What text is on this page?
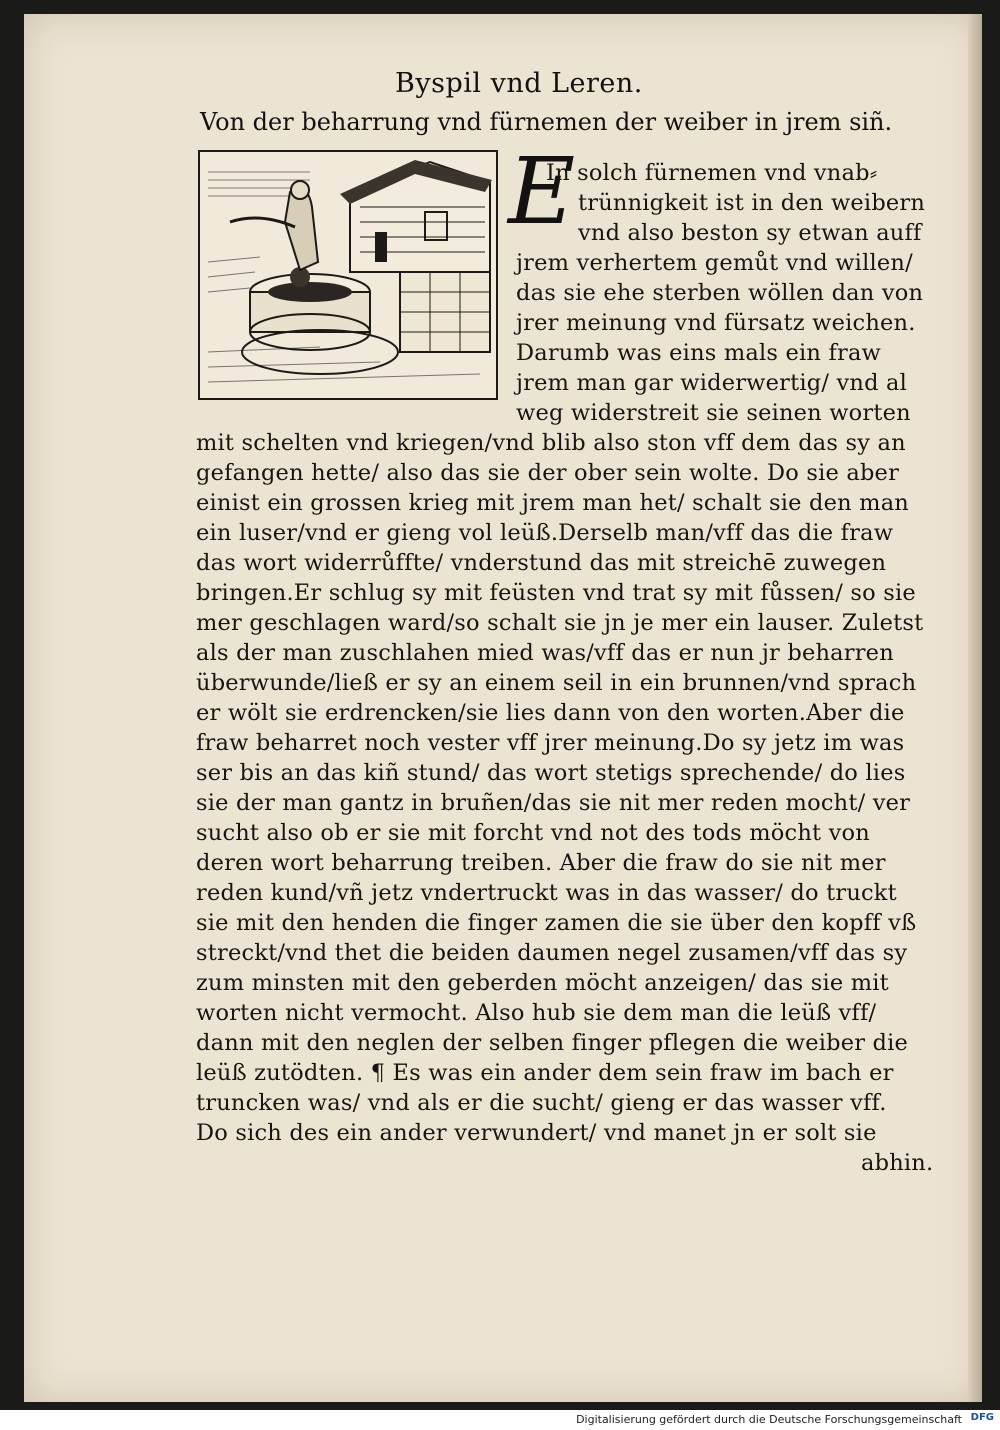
Byspil vnd Leren.
Von der beharrung vnd fürnemen der weiber in jrem siñ.
E
In solch fürnemen vnd vnab⸗
trünnigkeit ist in den weibern
vnd also beston sy etwan auff
jrem verhertem gemůt vnd willen/
das sie ehe sterben wöllen dan von
jrer meinung vnd fürsatz weichen.
Darumb was eins mals ein fraw
jrem man gar widerwertig/ vnd al
weg widerstreit sie seinen worten
mit schelten vnd kriegen/vnd blib also ston vff dem das sy an
gefangen hette/ also das sie der ober sein wolte. Do sie aber
einist ein grossen krieg mit jrem man het/ schalt sie den man
ein luser/vnd er gieng vol leüß.Derselb man/vff das die fraw
das wort widerrůffte/ vnderstund das mit streichē zuwegen
bringen.Er schlug sy mit feüsten vnd trat sy mit fůssen/ so sie
mer geschlagen ward/so schalt sie jn je mer ein lauser. Zuletst
als der man zuschlahen mied was/vff das er nun jr beharren
überwunde/ließ er sy an einem seil in ein brunnen/vnd sprach
er wölt sie erdrencken/sie lies dann von den worten.Aber die
fraw beharret noch vester vff jrer meinung.Do sy jetz im was
ser bis an das kiñ stund/ das wort stetigs sprechende/ do lies
sie der man gantz in bruñen/das sie nit mer reden mocht/ ver
sucht also ob er sie mit forcht vnd not des tods möcht von
deren wort beharrung treiben. Aber die fraw do sie nit mer
reden kund/vñ jetz vndertruckt was in das wasser/ do truckt
sie mit den henden die finger zamen die sie über den kopff vß
streckt/vnd thet die beiden daumen negel zusamen/vff das sy
zum minsten mit den geberden möcht anzeigen/ das sie mit
worten nicht vermocht. Also hub sie dem man die leüß vff/
dann mit den neglen der selben finger pflegen die weiber die
leüß zutödten. ¶ Es was ein ander dem sein fraw im bach er
truncken was/ vnd als er die sucht/ gieng er das wasser vff.
Do sich des ein ander verwundert/ vnd manet jn er solt sie
abhin.
Digitalisierung gefördert durch die Deutsche Forschungsgemeinschaft DFG
